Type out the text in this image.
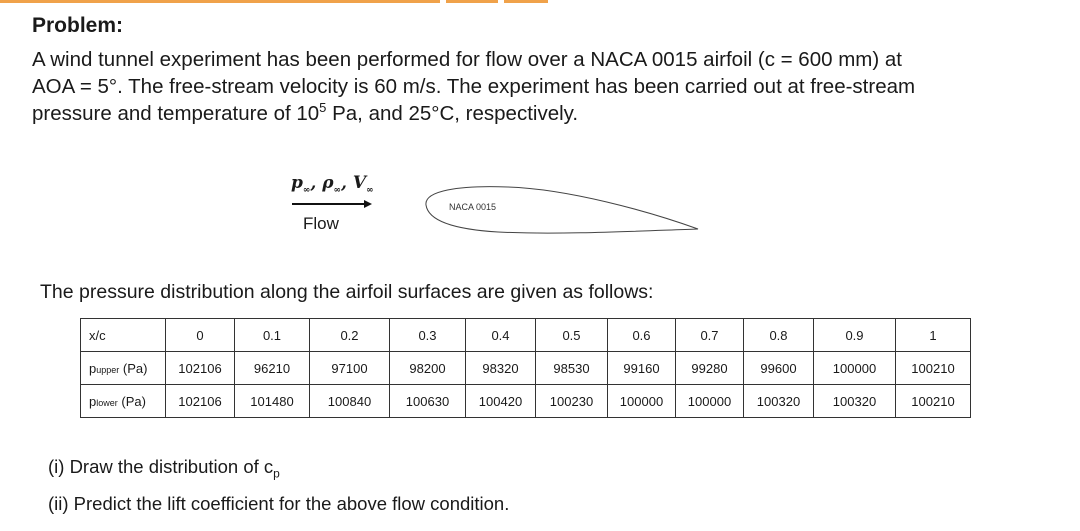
Problem:
A wind tunnel experiment has been performed for flow over a NACA 0015 airfoil (c = 600 mm) at
AOA = 5°. The free-stream velocity is 60 m/s. The experiment has been carried out at free-stream
pressure and temperature of $10^5$ Pa, and 25°C, respectively.
$p_\infty$, $\rho_\infty$, $V_\infty$
Flow
NACA 0015
The pressure distribution along the airfoil surfaces are given as follows:
x/c	0	0.1	0.2	0.3	0.4	0.5	0.6	0.7	0.8	0.9	1
pupper (Pa)	102106	96210	97100	98200	98320	98530	99160	99280	99600	100000	100210
plower (Pa)	102106	101480	100840	100630	100420	100230	100000	100000	100320	100320	100210
(i) Draw the distribution of $c_p$
(ii) Predict the lift coefficient for the above flow condition.
